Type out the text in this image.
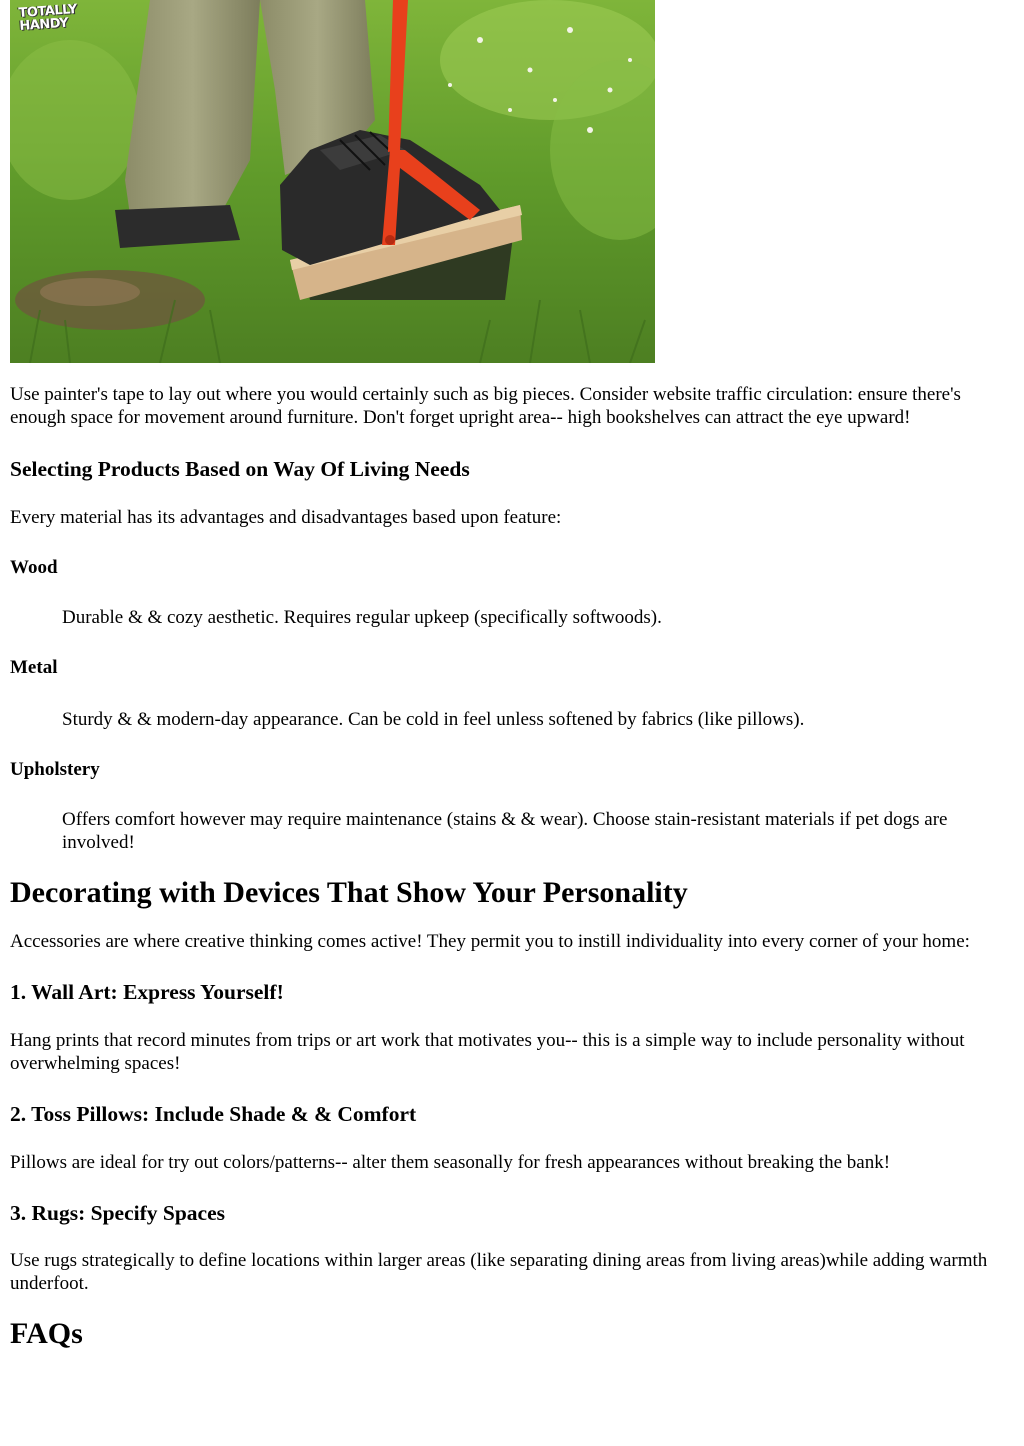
TOTALLY
HANDY

Use painter's tape to lay out where you would certainly such as big pieces. Consider website traffic circulation: ensure there's enough space for movement around furniture. Don't forget upright area-- high bookshelves can attract the eye upward!

Selecting Products Based on Way Of Living Needs

Every material has its advantages and disadvantages based upon feature:

Wood
Durable & & cozy aesthetic. Requires regular upkeep (specifically softwoods).
Metal
Sturdy & & modern-day appearance. Can be cold in feel unless softened by fabrics (like pillows).
Upholstery
Offers comfort however may require maintenance (stains & & wear). Choose stain-resistant materials if pet dogs are involved!
Decorating with Devices That Show Your Personality

Accessories are where creative thinking comes active! They permit you to instill individuality into every corner of your home:

1. Wall Art: Express Yourself!

Hang prints that record minutes from trips or art work that motivates you-- this is a simple way to include personality without overwhelming spaces!

2. Toss Pillows: Include Shade & & Comfort

Pillows are ideal for try out colors/patterns-- alter them seasonally for fresh appearances without breaking the bank!

3. Rugs: Specify Spaces

Use rugs strategically to define locations within larger areas (like separating dining areas from living areas)while adding warmth underfoot.

FAQs
